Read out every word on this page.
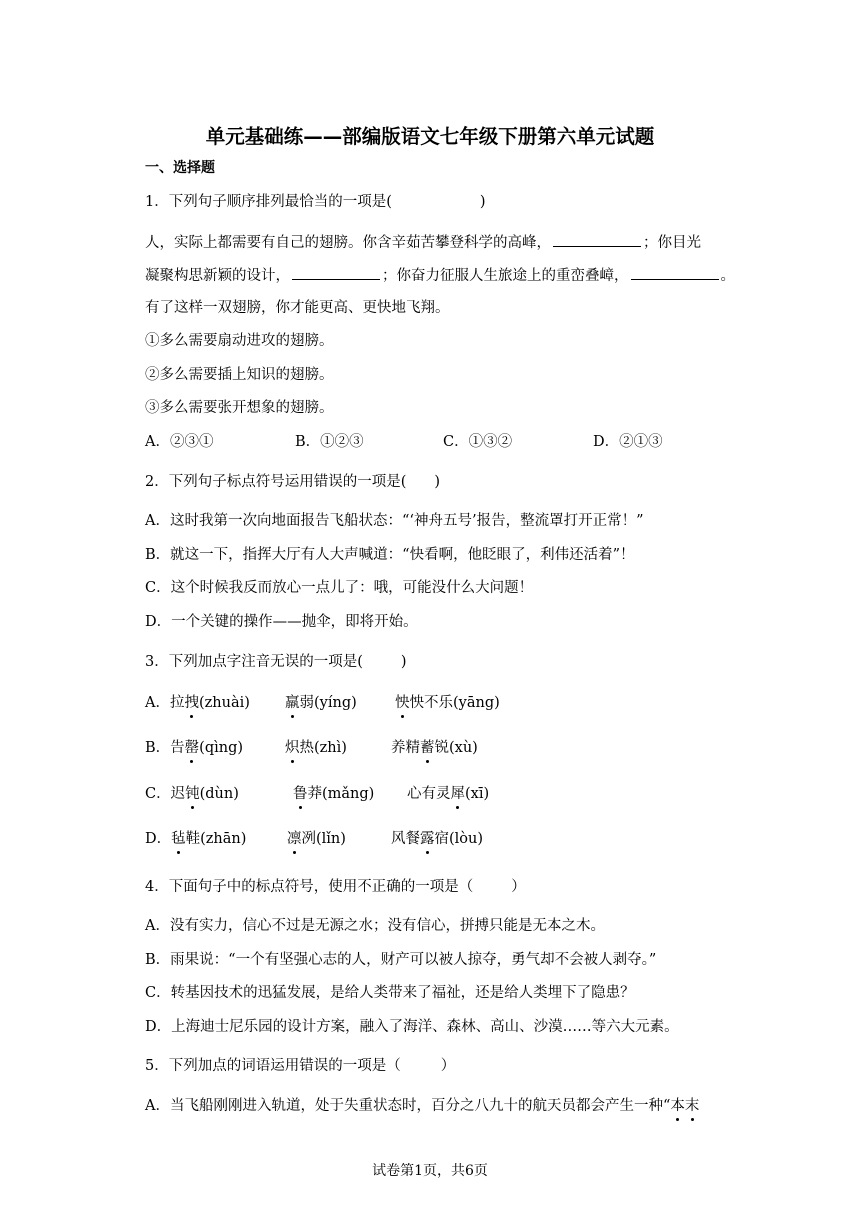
单元基础练——部编版语文七年级下册第六单元试题
一、选择题
1．下列句子顺序排列最恰当的一项是(	)
人，实际上都需要有自己的翅膀。你含辛茹苦攀登科学的高峰，	；你目光
凝聚构思新颖的设计，	；你奋力征服人生旅途上的重峦叠嶂，	。
有了这样一双翅膀，你才能更高、更快地飞翔。
①多么需要扇动进攻的翅膀。
②多么需要插上知识的翅膀。
③多么需要张开想象的翅膀。
A．②③①	B．①②③	C．①③②	D．②①③
2．下列句子标点符号运用错误的一项是( )
A．这时我第一次向地面报告飞船状态：“‘神舟五号’报告，整流罩打开正常！”
B．就这一下，指挥大厅有人大声喊道：“快看啊，他眨眼了，利伟还活着”！
C．这个时候我反而放心一点儿了：哦，可能没什么大问题！
D．一个关键的操作——抛伞，即将开始。
3．下列加点字注音无误的一项是(	)
A．拉拽(zhuài) 羸弱(yíng)	怏怏不乐(yāng)
B．告罄(qìng)	炽热(zhì)	养精蓄锐(xù)
C．迟钝(dùn)	鲁莽(mǎng) 心有灵犀(xī)
D．毡鞋(zhān)	凛冽(lǐn)	风餐露宿(lòu)
4．下面句子中的标点符号，使用不正确的一项是（	）
A．没有实力，信心不过是无源之水；没有信心，拼搏只能是无本之木。
B．雨果说：“一个有坚强心志的人，财产可以被人掠夺，勇气却不会被人剥夺。”
C．转基因技术的迅猛发展，是给人类带来了福祉，还是给人类埋下了隐患？
D．上海迪士尼乐园的设计方案，融入了海洋、森林、高山、沙漠……等六大元素。
5．下列加点的词语运用错误的一项是（	）
A．当飞船刚刚进入轨道，处于失重状态时，百分之八九十的航天员都会产生一种“本末
试卷第1页，共6页
